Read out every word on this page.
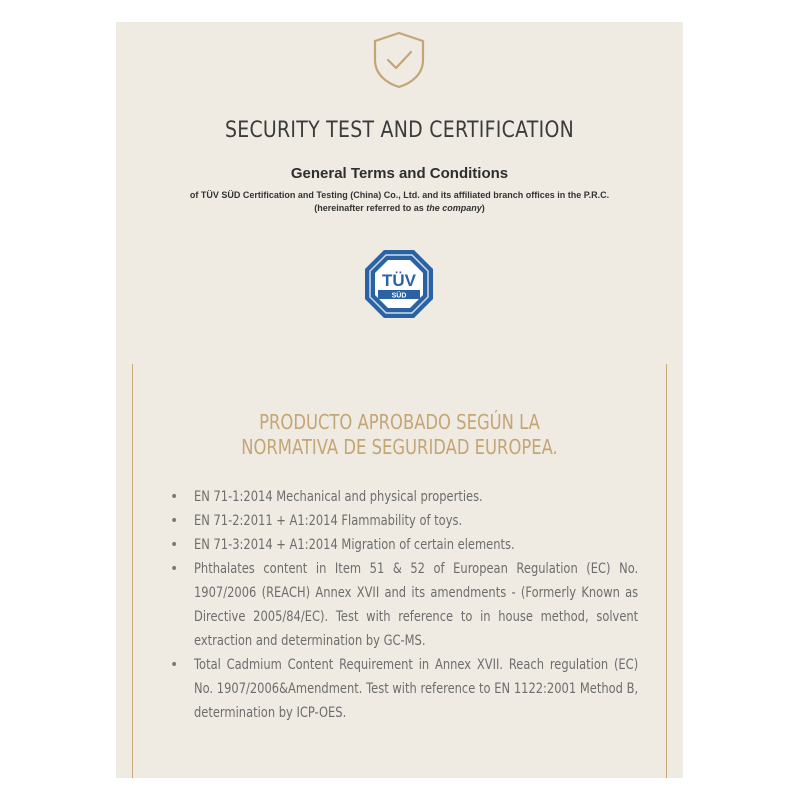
SECURITY TEST AND CERTIFICATION
General Terms and Conditions
of TÜV SÜD Certification and Testing (China) Co., Ltd. and its affiliated branch offices in the P.R.C.
(hereinafter referred to as the company)
TÜV
SÜD
PRODUCTO APROBADO SEGÚN LA
NORMATIVA DE SEGURIDAD EUROPEA.
• EN 71-1:2014 Mechanical and physical properties.
• EN 71-2:2011 + A1:2014 Flammability of toys.
• EN 71-3:2014 + A1:2014 Migration of certain elements.
• Phthalates content in Item 51 & 52 of European Regulation (EC) No. 1907/2006 (REACH) Annex XVII and its amendments - (Formerly Known as Directive 2005/84/EC). Test with reference to in house method, solvent extraction and determination by GC-MS.
• Total Cadmium Content Requirement in Annex XVII. Reach regulation (EC) No. 1907/2006&Amendment. Test with reference to EN 1122:2001 Method B, determination by ICP-OES.
